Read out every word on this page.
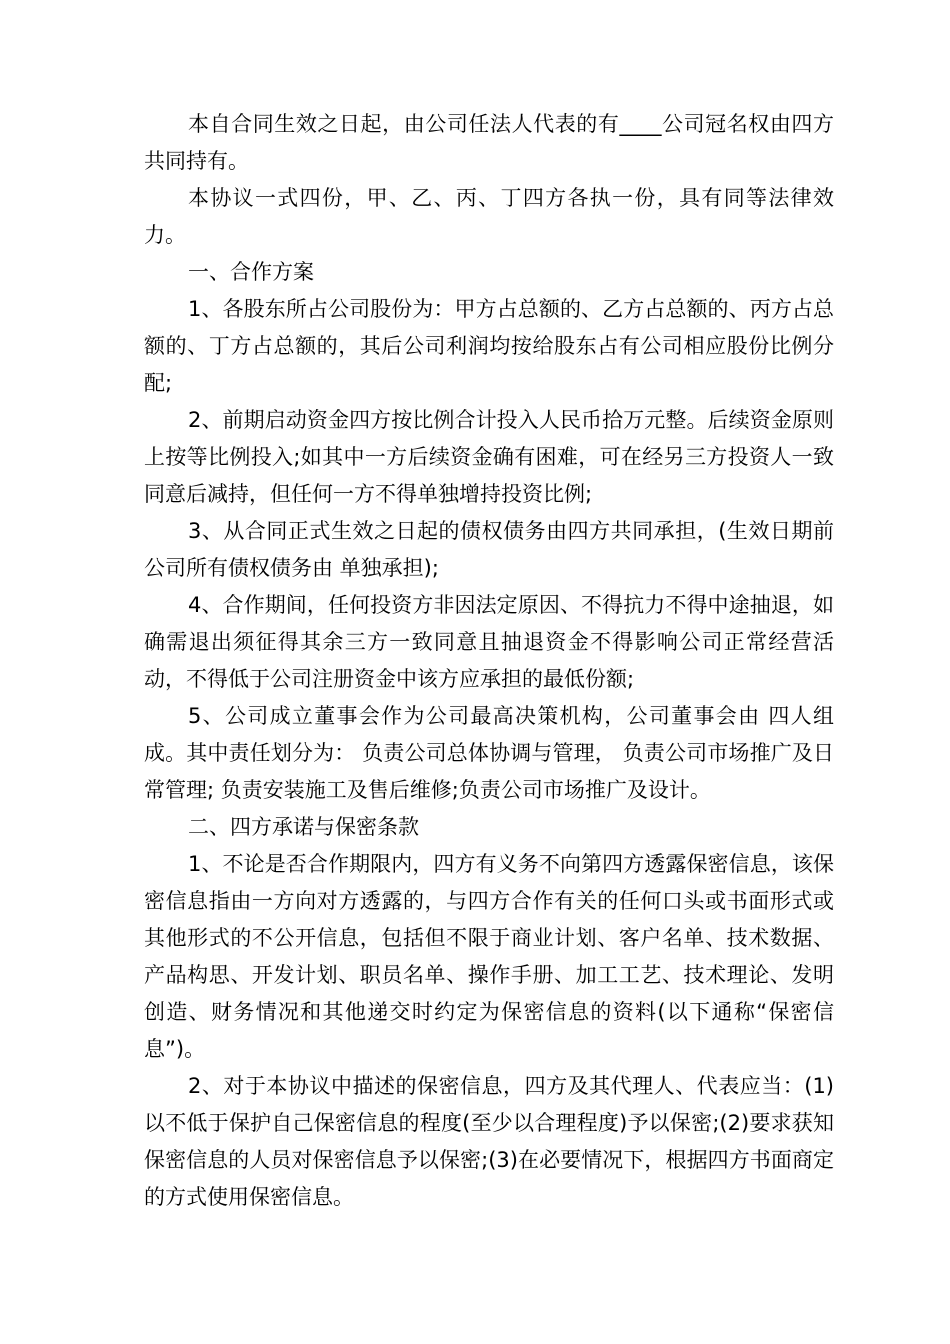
本自合同生效之日起，由公司任法人代表的有____公司冠名权由四方共同持有。

本协议一式四份，甲、乙、丙、丁四方各执一份，具有同等法律效力。

一、合作方案

1、各股东所占公司股份为：甲方占总额的、乙方占总额的、丙方占总额的、丁方占总额的，其后公司利润均按给股东占有公司相应股份比例分配;

2、前期启动资金四方按比例合计投入人民币拾万元整。后续资金原则上按等比例投入;如其中一方后续资金确有困难，可在经另三方投资人一致同意后减持，但任何一方不得单独增持投资比例;

3、从合同正式生效之日起的债权债务由四方共同承担，(生效日期前公司所有债权债务由 单独承担);

4、合作期间，任何投资方非因法定原因、不得抗力不得中途抽退，如确需退出须征得其余三方一致同意且抽退资金不得影响公司正常经营活动，不得低于公司注册资金中该方应承担的最低份额;

5、公司成立董事会作为公司最高决策机构，公司董事会由 四人组成。其中责任划分为： 负责公司总体协调与管理， 负责公司市场推广及日常管理; 负责安装施工及售后维修;负责公司市场推广及设计。

二、四方承诺与保密条款

1、不论是否合作期限内，四方有义务不向第四方透露保密信息，该保密信息指由一方向对方透露的，与四方合作有关的任何口头或书面形式或其他形式的不公开信息，包括但不限于商业计划、客户名单、技术数据、产品构思、开发计划、职员名单、操作手册、加工工艺、技术理论、发明创造、财务情况和其他递交时约定为保密信息的资料(以下通称“保密信息”)。

2、对于本协议中描述的保密信息，四方及其代理人、代表应当：(1)以不低于保护自己保密信息的程度(至少以合理程度)予以保密;(2)要求获知保密信息的人员对保密信息予以保密;(3)在必要情况下，根据四方书面商定的方式使用保密信息。
